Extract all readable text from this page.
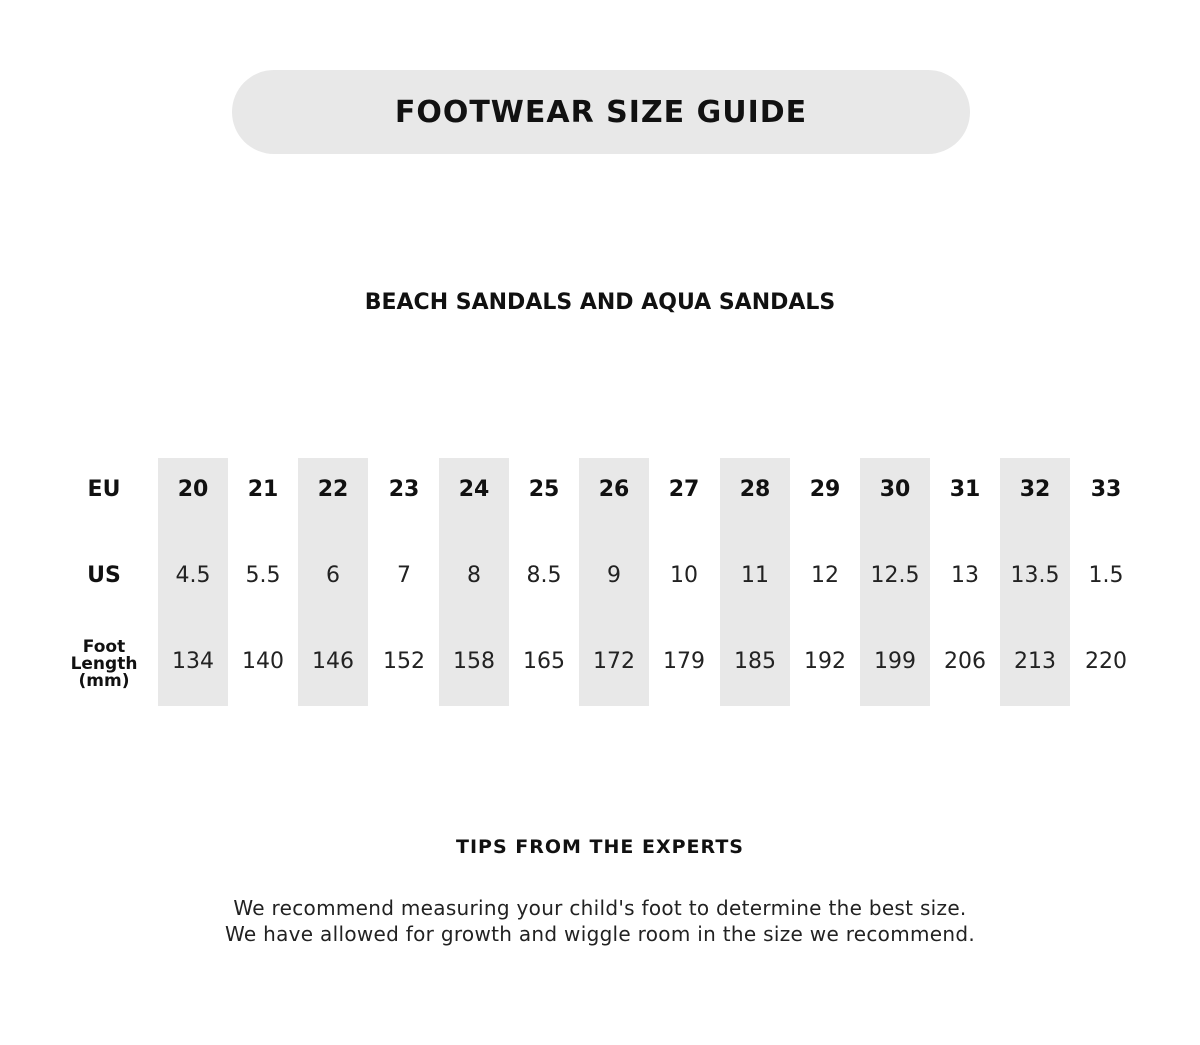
FOOTWEAR SIZE GUIDE
BEACH SANDALS AND AQUA SANDALS
EU
US
Foot
Length
(mm)
20
4.5
134
21
5.5
140
22
6
146
23
7
152
24
8
158
25
8.5
165
26
9
172
27
10
179
28
11
185
29
12
192
30
12.5
199
31
13
206
32
13.5
213
33
1.5
220
TIPS FROM THE EXPERTS
We recommend measuring your child's foot to determine the best size.
We have allowed for growth and wiggle room in the size we recommend.
